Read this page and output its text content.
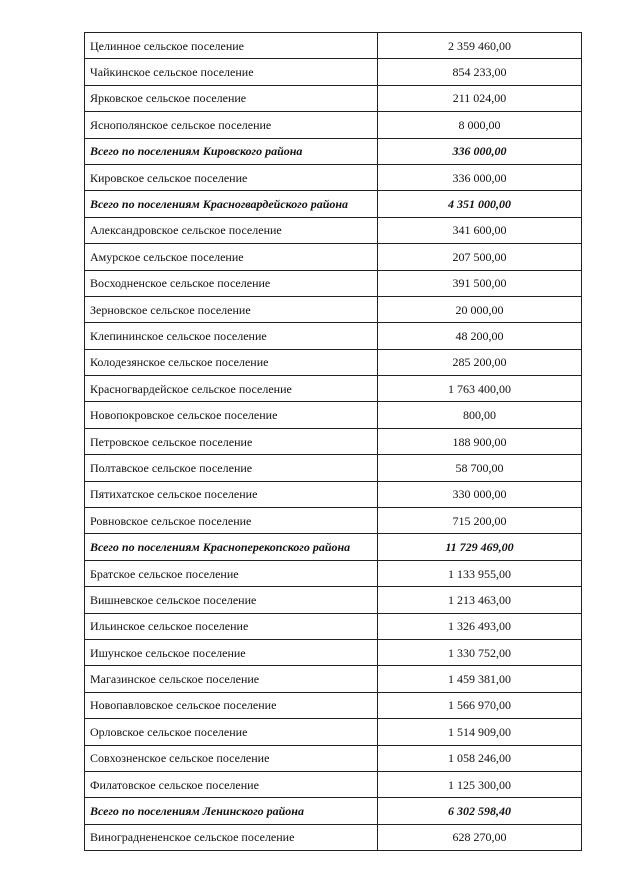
Целинное сельское поселение	2 359 460,00
Чайкинское сельское поселение	854 233,00
Ярковское сельское поселение	211 024,00
Яснополянское сельское поселение	8 000,00
Всего по поселениям Кировского района	336 000,00
Кировское сельское поселение	336 000,00
Всего по поселениям Красногвардейского района	4 351 000,00
Александровское сельское поселение	341 600,00
Амурское сельское поселение	207 500,00
Восходненское сельское поселение	391 500,00
Зерновское сельское поселение	20 000,00
Клепининское сельское поселение	48 200,00
Колодезянское сельское поселение	285 200,00
Красногвардейское сельское поселение	1 763 400,00
Новопокровское сельское поселение	800,00
Петровское сельское поселение	188 900,00
Полтавское сельское поселение	58 700,00
Пятихатское сельское поселение	330 000,00
Ровновское сельское поселение	715 200,00
Всего по поселениям Красноперекопского района	11 729 469,00
Братское сельское поселение	1 133 955,00
Вишневское сельское поселение	1 213 463,00
Ильинское сельское поселение	1 326 493,00
Ишунское сельское поселение	1 330 752,00
Магазинское сельское поселение	1 459 381,00
Новопавловское сельское поселение	1 566 970,00
Орловское сельское поселение	1 514 909,00
Совхозненское сельское поселение	1 058 246,00
Филатовское сельское поселение	1 125 300,00
Всего по поселениям Ленинского района	6 302 598,40
Винограднененское сельское поселение	628 270,00
